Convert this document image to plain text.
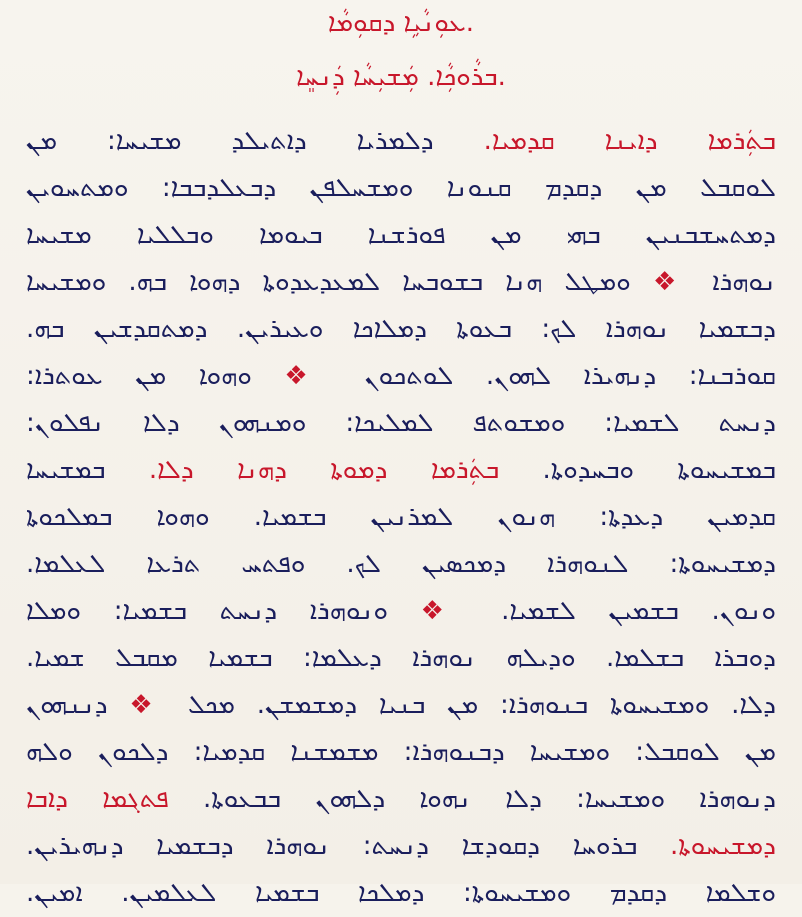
ܥܘܼܢܵܝܹܐ ܕܩܘܼܡܵܐ.
ܒܪܵܘܟܼܵܐ. ܡܲܫܝܼܚܵܐ ܕܲܢܚܸܐ.
ܒܬܲܪܡܐ ܕܐܝܢܐ ܩܕܡܝܐ. ܕܠܡܪܝܐ ܕܐܬܝܠܕ ܡܫܝܚܐ: ܡܢ
ܠܘܩܒܠ ܡܢ ܕܩܕܡ ܩܢܘܢܐ ܘܡܫܚܠܦܢ ܕܒܥܠܕܒܒܐ: ܘܡܬܚܘܝܢ
ܕܡܬܚܫܒܢܝܢ ܒܗܝ ܡܢ ܦܘܪܫܢܐ ܒܝܘܡܐ ܘܒܠܠܝܐ ܡܫܝܚܐ
ܢܘܗܪܐ ❖ ܘܡܛܠ ܗܢܐ ܒܫܘܒܚܐ ܠܡܥܕܥܕܘܬܐ ܕܗܘܐ ܒܗ. ܘܡܫܝܚܐ
ܕܒܫܡܝܐ ܢܘܗܪܐ ܠܟ: ܒܥܘܬܐ ܕܡܠܐܟܐ ܘܥܝܪܝܢ. ܕܡܬܩܕܫܝܢ ܒܗ.
ܩܘܪܒܢܐ: ܕܢܗܝܪܐ ܠܗܘܢ. ܠܘܬܟܘܢ ❖ ܘܗܘܐ ܡܢ ܥܘܬܪܐ:
ܕܢܚܬ ܠܫܡܝܐ: ܘܡܫܘܬܦ ܠܡܠܝܟܐ: ܘܡܢܗܘܢ ܕܠܐ ܢܦܠܘܢ:
ܒܡܫܝܚܘܬܐ ܘܒܚܕܘܬܐ. ܒܬܲܪܡܐ ܕܡܘܬܐ ܕܗܢܐ ܕܠܐ. ܒܡܫܝܚܐ
ܩܕܡܝܢ ܕܥܕܬܐ: ܗܢܘܢ ܠܡܪܢܝܢ ܒܫܡܝܐ. ܘܗܘܐ ܒܡܠܟܘܬܐ
ܕܡܫܝܚܘܬܐ: ܠܢܘܗܪܐ ܕܡܟܣܝܢ ܠܟ. ܘܦܬܚ ܬܪܥܐ ܠܥܠܡܐ.
ܘܢܘܢ. ܒܫܡܝܢ ܠܫܡܝܐ. ❖ ܘܢܘܗܪܐ ܕܢܚܬ ܒܫܡܝܐ: ܘܡܠܐ
ܕܘܒܪܐ ܒܫܠܡܐ. ܘܕܝܠܗ ܢܘܗܪܐ ܕܥܠܡܐ: ܒܫܡܝܐ ܡܩܒܠ ܫܡܝܐ.
ܕܠܐ. ܘܡܫܝܚܘܬܐ ܒܢܘܗܪܐ: ܡܢ ܒܢܝܐ ܕܡܫܡܫܢ. ܡܟܠ ❖ ܕܢܢܗܘܢ
ܡܢ ܠܘܩܒܠ: ܘܡܫܝܚܐ ܕܒܢܘܗܪܐ: ܡܫܡܫܢܐ ܩܕܡܝܐ: ܕܠܟܘܢ ܘܠܗ
ܕܢܘܗܪܐ ܘܡܫܝܚܐ: ܕܠܐ ܢܗܘܐ ܕܠܗܘܢ ܒܒܥܘܬܐ. ܦܬܓܡܐ ܕܐܒܐ
ܕܡܫܝܚܘܬܐ. ܒܪܘܚܐ ܕܩܘܕܫܐ ܕܢܚܬ: ܢܘܗܪܐ ܕܒܫܡܝܐ ܕܢܗܝܪܝܢ.
ܘܫܠܡܐ ܕܩܕܡ ܘܡܫܝܚܘܬܐ: ܕܡܠܟܐ ܒܫܡܝܐ ܠܥܠܡܝܢ. ܐܡܝܢ.
